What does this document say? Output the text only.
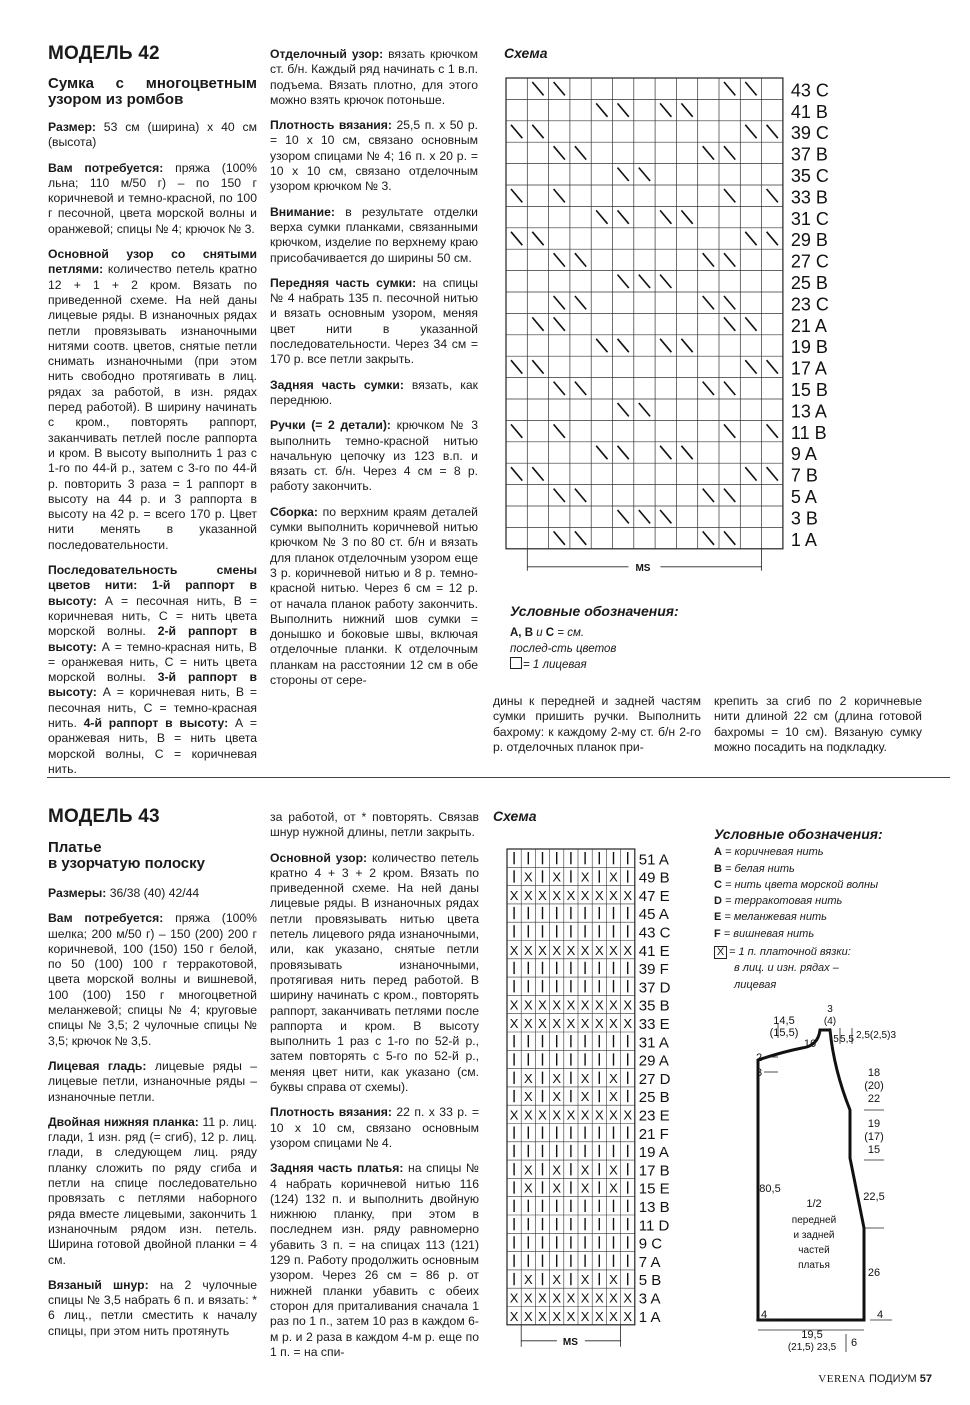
МОДЕЛЬ 42
Сумка с многоцветным узором из ромбов

Размер: 53 см (ширина) х 40 см (высота)

Вам потребуется: пряжа (100% льна; 110 м/50 г) – по 150 г коричневой и темно-красной, по 100 г песочной, цвета морской волны и оранжевой; спицы № 4; крючок № 3.

Основной узор со снятыми петлями: количество петель кратно 12 + 1 + 2 кром. Вязать по приведенной схеме. На ней даны лицевые ряды. В изнаночных рядах петли провязывать изнаночными нитями соотв. цветов, снятые петли снимать изнаночными (при этом нить свободно протягивать в лиц. рядах за работой, в изн. рядах перед работой). В ширину начинать с кром., повторять раппорт, заканчивать петлей после раппорта и кром. В высоту выполнить 1 раз с 1-го по 44-й р., затем с 3-го по 44-й р. повторить 3 раза = 1 раппорт в высоту на 44 р. и 3 раппорта в высоту на 42 р. = всего 170 р. Цвет нити менять в указанной последовательности.

Последовательность смены цветов нити: 1-й раппорт в высоту: А = песочная нить, В = коричневая нить, С = нить цвета морской волны. 2-й раппорт в высоту: А = темно-красная нить, В = оранжевая нить, С = нить цвета морской волны. 3-й раппорт в высоту: А = коричневая нить, В = песочная нить, С = темно-красная нить. 4-й раппорт в высоту: А = оранжевая нить, В = нить цвета морской волны, С = коричневая нить.

Отделочный узор: вязать крючком ст. б/н. Каждый ряд начинать с 1 в.п. подъема. Вязать плотно, для этого можно взять крючок потоньше.

Плотность вязания: 25,5 п. х 50 р. = 10 х 10 см, связано основным узором спицами № 4; 16 п. х 20 р. = 10 х 10 см, связано отделочным узором крючком № 3.

Внимание: в результате отделки верха сумки планками, связанными крючком, изделие по верхнему краю присобачивается до ширины 50 см.

Передняя часть сумки: на спицы № 4 набрать 135 п. песочной нитью и вязать основным узором, меняя цвет нити в указанной последовательности. Через 34 см = 170 р. все петли закрыть.

Задняя часть сумки: вязать, как переднюю.

Ручки (= 2 детали): крючком № 3 выполнить темно-красной нитью начальную цепочку из 123 в.п. и вязать ст. б/н. Через 4 см = 8 р. работу закончить.

Сборка: по верхним краям деталей сумки выполнить коричневой нитью крючком № 3 по 80 ст. б/н и вязать для планок отделочным узором еще 3 р. коричневой нитью и 8 р. темно-красной нитью. Через 6 см = 12 р. от начала планок работу закончить. Выполнить нижний шов сумки = донышко и боковые швы, включая отделочные планки. К отделочным планкам на расстоянии 12 см в обе стороны от сере-

дины к передней и задней частям сумки пришить ручки. Выполнить бахрому: к каждому 2-му ст. б/н 2-го р. отделочных планок при-

крепить за сгиб по 2 коричневые нити длиной 22 см (длина готовой бахромы = 10 см). Вязаную сумку можно посадить на подкладку.

Схема
43 C
41 B
39 C
37 B
35 C
33 B
31 C
29 B
27 C
25 B
23 C
21 A
19 B
17 A
15 B
13 A
11 B
9 A
7 B
5 A
3 B
1 A
MS
Условные обозначения:
A, B и C = см.
послед-сть цветов
= 1 лицевая
МОДЕЛЬ 43
Платье
в узорчатую полоску

Размеры: 36/38 (40) 42/44

Вам потребуется: пряжа (100% шелка; 200 м/50 г) – 150 (200) 200 г коричневой, 100 (150) 150 г белой, по 50 (100) 100 г терракотовой, цвета морской волны и вишневой, 100 (100) 150 г многоцветной меланжевой; спицы № 4; круговые спицы № 3,5; 2 чулочные спицы № 3,5; крючок № 3,5.

Лицевая гладь: лицевые ряды – лицевые петли, изнаночные ряды – изнаночные петли.

Двойная нижняя планка: 11 р. лиц. глади, 1 изн. ряд (= сгиб), 12 р. лиц. глади, в следующем лиц. ряду планку сложить по ряду сгиба и петли на спице последовательно провязать с петлями наборного ряда вместе лицевыми, закончить 1 изнаночным рядом изн. петель. Ширина готовой двойной планки = 4 см.

Вязаный шнур: на 2 чулочные спицы № 3,5 набрать 6 п. и вязать: * 6 лиц., петли сместить к началу спицы, при этом нить протянуть

за работой, от * повторять. Связав шнур нужной длины, петли закрыть.

Основной узор: количество петель кратно 4 + 3 + 2 кром. Вязать по приведенной схеме. На ней даны лицевые ряды. В изнаночных рядах петли провязывать нитью цвета петель лицевого ряда изнаночными, или, как указано, снятые петли провязывать изнаночными, протягивая нить перед работой. В ширину начинать с кром., повторять раппорт, заканчивать петлями после раппорта и кром. В высоту выполнить 1 раз с 1-го по 52-й р., затем повторять с 5-го по 52-й р., меняя цвет нити, как указано (см. буквы справа от схемы).

Плотность вязания: 22 п. х 33 р. = 10 х 10 см, связано основным узором спицами № 4.

Задняя часть платья: на спицы № 4 набрать коричневой нитью 116 (124) 132 п. и выполнить двойную нижнюю планку, при этом в последнем изн. ряду равномерно убавить 3 п. = на спицах 113 (121) 129 п. Работу продолжить основным узором. Через 26 см = 86 р. от нижней планки убавить с обеих сторон для приталивания сначала 1 раз по 1 п., затем 10 раз в каждом 6-м р. и 2 раза в каждом 4-м р. еще по 1 п. = на спи-

Схема
51 A
X X X X 49 B
X X X X X X X X X 47 E
45 A
43 C
X X X X X X X X X 41 E
39 F
37 D
X X X X X X X X X 35 B
X X X X X X X X X 33 E
31 A
29 A
X X X X 27 D
X X X X 25 B
X X X X X X X X X 23 E
21 F
19 A
X X X X 17 B
X X X X 15 E
13 B
11 D
9 C
7 A
X X X X 5 B
X X X X X X X X X 3 A
X X X X X X X X X 1 A
MS
Условные обозначения:
A = коричневая нить
B = белая нить
C = нить цвета морской волны
D = терракотовая нить
E = меланжевая нить
F = вишневая нить
X = 1 п. платочной вязки:
в лиц. и изн. рядах –
лицевая
3
(4)
14,5
(15,5)
16 5 5,5 2,5(2,5)3
2
3	18
(20)
22
19
(17)
15
22,5
26
80,5
1/2
передней
и задней
частей
платья
4	4
19,5
(21,5) 23,5 6
VERENA ПОДИУМ 57
